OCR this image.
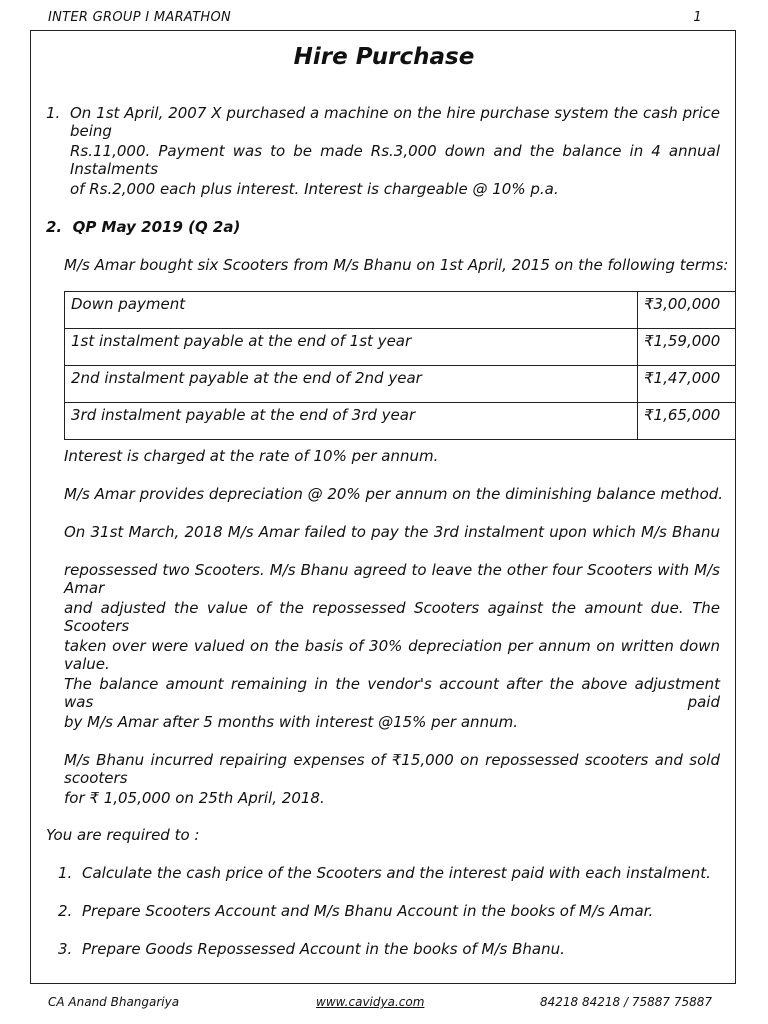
INTER GROUP I MARATHON	1
Hire Purchase
1. On 1st April, 2007 X purchased a machine on the hire purchase system the cash price being
Rs.11,000. Payment was to be made Rs.3,000 down and the balance in 4 annual Instalments
of Rs.2,000 each plus interest. Interest is chargeable @ 10% p.a.
2.  QP May 2019 (Q 2a)
M/s Amar bought six Scooters from M/s Bhanu on 1st April, 2015 on the following terms:
Down payment	₹3,00,000
1st instalment payable at the end of 1st year	₹1,59,000
2nd instalment payable at the end of 2nd year	₹1,47,000
3rd instalment payable at the end of 3rd year	₹1,65,000
Interest is charged at the rate of 10% per annum.
M/s Amar provides depreciation @ 20% per annum on the diminishing balance method.
On 31st March, 2018 M/s Amar failed to pay the 3rd instalment upon which M/s Bhanu
repossessed two Scooters. M/s Bhanu agreed to leave the other four Scooters with M/s Amar
and adjusted the value of the repossessed Scooters against the amount due. The Scooters
taken over were valued on the basis of 30% depreciation per annum on written down value.
The balance amount remaining in the vendor's account after the above adjustment was paid
by M/s Amar after 5 months with interest @15% per annum.
M/s Bhanu incurred repairing expenses of ₹15,000 on repossessed scooters and sold scooters
for ₹ 1,05,000 on 25th April, 2018.
You are required to :
1. Calculate the cash price of the Scooters and the interest paid with each instalment.
2. Prepare Scooters Account and M/s Bhanu Account in the books of M/s Amar.
3. Prepare Goods Repossessed Account in the books of M/s Bhanu.
CA Anand Bhangariya	www.cavidya.com	84218 84218 / 75887 75887
